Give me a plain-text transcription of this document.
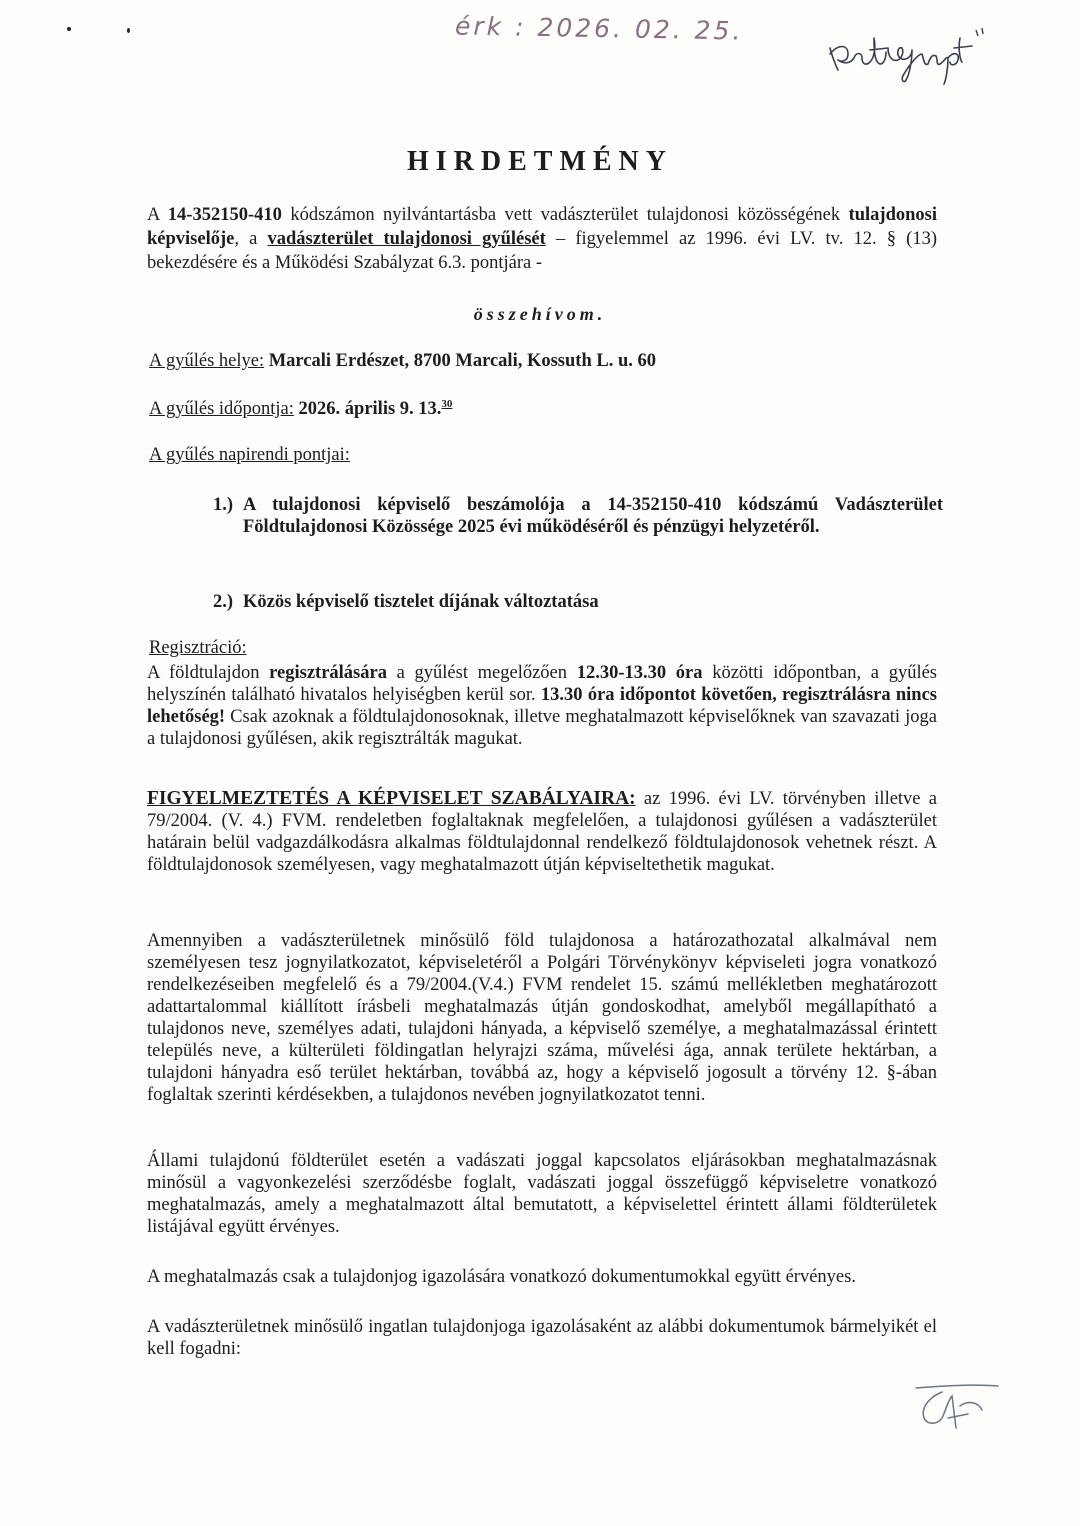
érk : 2026. 02. 25.
HIRDETMÉNY

A 14-352150-410 kódszámon nyilvántartásba vett vadászterület tulajdonosi közösségének tulajdonosi képviselője, a vadászterület tulajdonosi gyűlését – figyelemmel az 1996. évi LV. tv. 12. § (13) bekezdésére és a Működési Szabályzat 6.3. pontjára -

összehívom.
A gyűlés helye: Marcali Erdészet, 8700 Marcali, Kossuth L. u. 60
A gyűlés időpontja: 2026. április 9. 13.30
A gyűlés napirendi pontjai:
1.) A tulajdonosi képviselő beszámolója a 14-352150-410 kódszámú Vadászterület Földtulajdonosi Közössége 2025 évi működéséről és pénzügyi helyzetéről.
2.) Közös képviselő tisztelet díjának változtatása
Regisztráció:

A földtulajdon regisztrálására a gyűlést megelőzően 12.30-13.30 óra közötti időpontban, a gyűlés helyszínén található hivatalos helyiségben kerül sor. 13.30 óra időpontot követően, regisztrálásra nincs lehetőség! Csak azoknak a földtulajdonosoknak, illetve meghatalmazott képviselőknek van szavazati joga a tulajdonosi gyűlésen, akik regisztrálták magukat.

FIGYELMEZTETÉS A KÉPVISELET SZABÁLYAIRA: az 1996. évi LV. törvényben illetve a 79/2004. (V. 4.) FVM. rendeletben foglaltaknak megfelelően, a tulajdonosi gyűlésen a vadászterület határain belül vadgazdálkodásra alkalmas földtulajdonnal rendelkező földtulajdonosok vehetnek részt. A földtulajdonosok személyesen, vagy meghatalmazott útján képviseltethetik magukat.

Amennyiben a vadászterületnek minősülő föld tulajdonosa a határozathozatal alkalmával nem személyesen tesz jognyilatkozatot, képviseletéről a Polgári Törvénykönyv képviseleti jogra vonatkozó rendelkezéseiben megfelelő és a 79/2004.(V.4.) FVM rendelet 15. számú mellékletben meghatározott adattartalommal kiállított írásbeli meghatalmazás útján gondoskodhat, amelyből megállapítható a tulajdonos neve, személyes adati, tulajdoni hányada, a képviselő személye, a meghatalmazással érintett település neve, a külterületi földingatlan helyrajzi száma, művelési ága, annak területe hektárban, a tulajdoni hányadra eső terület hektárban, továbbá az, hogy a képviselő jogosult a törvény 12. §-ában foglaltak szerinti kérdésekben, a tulajdonos nevében jognyilatkozatot tenni.
Állami tulajdonú földterület esetén a vadászati joggal kapcsolatos eljárásokban meghatalmazásnak minősül a vagyonkezelési szerződésbe foglalt, vadászati joggal összefüggő képviseletre vonatkozó meghatalmazás, amely a meghatalmazott által bemutatott, a képviselettel érintett állami földterületek listájával együtt érvényes.
A meghatalmazás csak a tulajdonjog igazolására vonatkozó dokumentumokkal együtt érvényes.
A vadászterületnek minősülő ingatlan tulajdonjoga igazolásaként az alábbi dokumentumok bármelyikét el kell fogadni:
